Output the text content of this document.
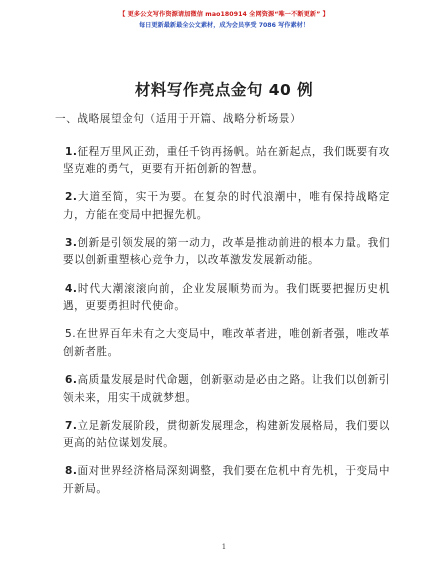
【 更多公文写作资源请加微信 mao180914 全网资源“唯一不断更新” 】
每日更新最新最全公文素材，成为会员享受 7086 写作素材！
材料写作亮点金句 40 例
一、战略展望金句（适用于开篇、战略分析场景）

1.征程万里风正劲，重任千钧再扬帆。站在新起点，我们既要有攻坚克难的勇气，更要有开拓创新的智慧。

2.大道至简，实干为要。在复杂的时代浪潮中，唯有保持战略定力，方能在变局中把握先机。

3.创新是引领发展的第一动力，改革是推动前进的根本力量。我们要以创新重塑核心竞争力，以改革激发发展新动能。

4.时代大潮滚滚向前，企业发展顺势而为。我们既要把握历史机遇，更要勇担时代使命。

5.在世界百年未有之大变局中，唯改革者进，唯创新者强，唯改革创新者胜。

6.高质量发展是时代命题，创新驱动是必由之路。让我们以创新引领未来，用实干成就梦想。

7.立足新发展阶段，贯彻新发展理念，构建新发展格局，我们要以更高的站位谋划发展。

8.面对世界经济格局深刻调整，我们要在危机中育先机，于变局中开新局。

1
